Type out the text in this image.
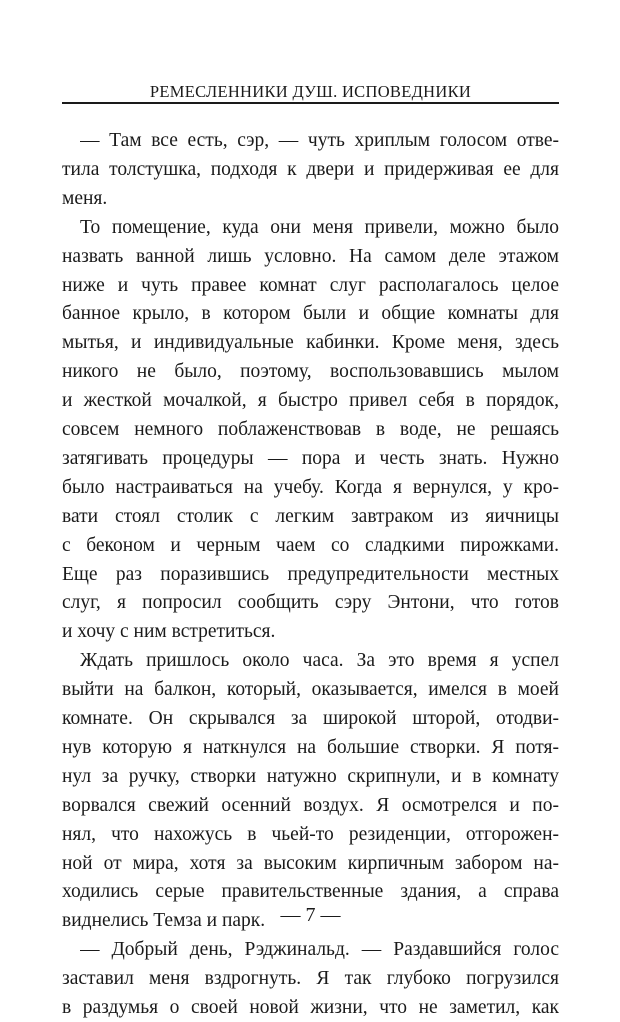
РЕМЕСЛЕННИКИ ДУШ. ИСПОВЕДНИКИ
— Там все есть, сэр, — чуть хриплым голосом отве-
тила толстушка, подходя к двери и придерживая ее для
меня.
То помещение, куда они меня привели, можно было
назвать ванной лишь условно. На самом деле этажом
ниже и чуть правее комнат слуг располагалось целое
банное крыло, в котором были и общие комнаты для
мытья, и индивидуальные кабинки. Кроме меня, здесь
никого не было, поэтому, воспользовавшись мылом
и жесткой мочалкой, я быстро привел себя в порядок,
совсем немного поблаженствовав в воде, не решаясь
затягивать процедуры — пора и честь знать. Нужно
было настраиваться на учебу. Когда я вернулся, у кро-
вати стоял столик с легким завтраком из яичницы
с беконом и черным чаем со сладкими пирожками.
Еще раз поразившись предупредительности местных
слуг, я попросил сообщить сэру Энтони, что готов
и хочу с ним встретиться.
Ждать пришлось около часа. За это время я успел
выйти на балкон, который, оказывается, имелся в моей
комнате. Он скрывался за широкой шторой, отодви-
нув которую я наткнулся на большие створки. Я потя-
нул за ручку, створки натужно скрипнули, и в комнату
ворвался свежий осенний воздух. Я осмотрелся и по-
нял, что нахожусь в чьей-то резиденции, отгорожен-
ной от мира, хотя за высоким кирпичным забором на-
ходились серые правительственные здания, а справа
виднелись Темза и парк.
— Добрый день, Рэджинальд. — Раздавшийся голос
заставил меня вздрогнуть. Я так глубоко погрузился
в раздумья о своей новой жизни, что не заметил, как
— 7 —
